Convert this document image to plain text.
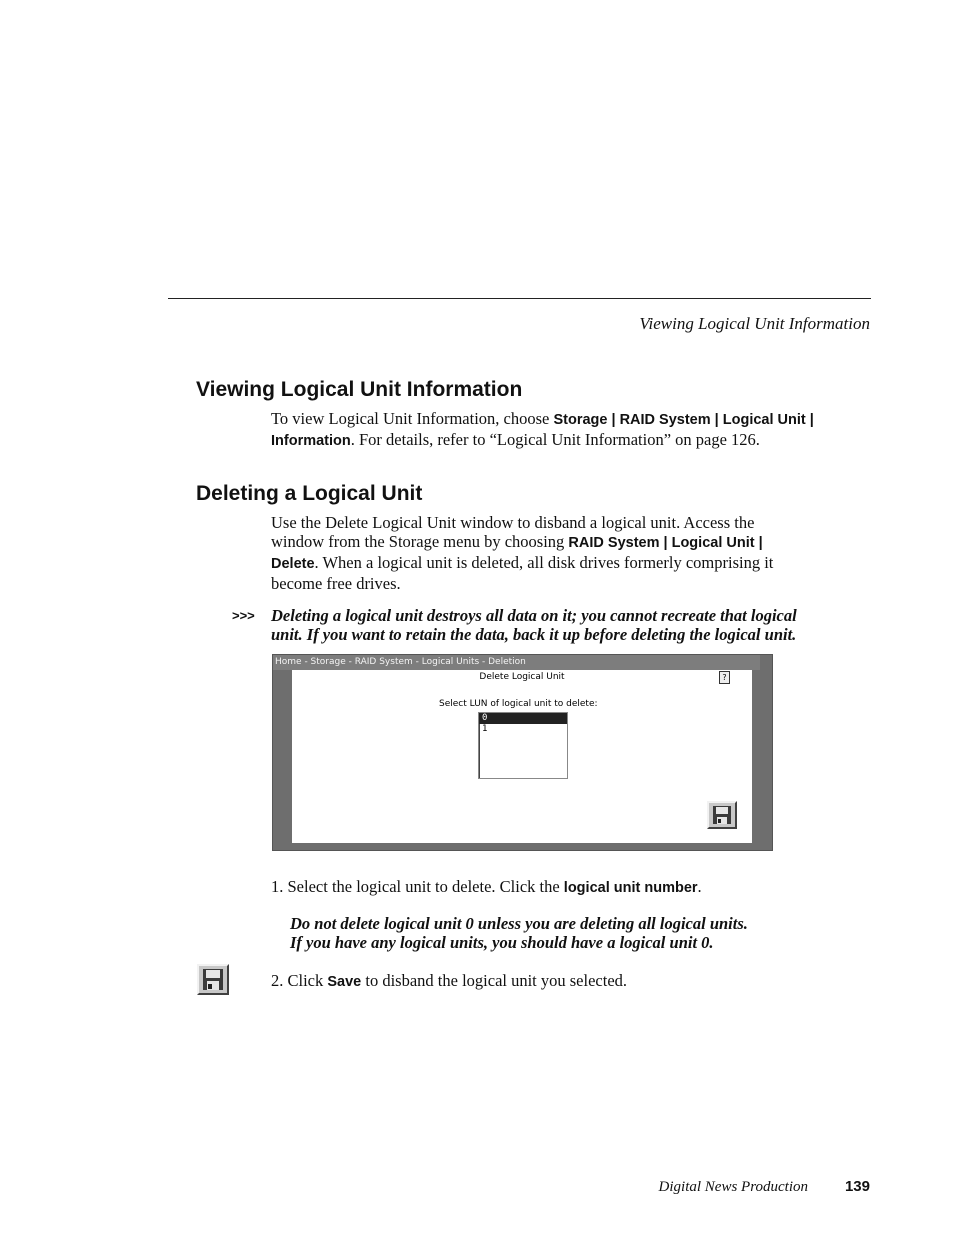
Viewing Logical Unit Information
Viewing Logical Unit Information
To view Logical Unit Information, choose Storage | RAID System | Logical Unit | Information. For details, refer to “Logical Unit Information” on page 126.
Deleting a Logical Unit
Use the Delete Logical Unit window to disband a logical unit. Access the window from the Storage menu by choosing RAID System | Logical Unit | Delete. When a logical unit is deleted, all disk drives formerly comprising it become free drives.
>>> Deleting a logical unit destroys all data on it; you cannot recreate that logical unit. If you want to retain the data, back it up before deleting the logical unit.
Home - Storage - RAID System - Logical Units - Deletion
Delete Logical Unit	?
Select LUN of logical unit to delete:
0
1
1. Select the logical unit to delete. Click the logical unit number.
Do not delete logical unit 0 unless you are deleting all logical units.
If you have any logical units, you should have a logical unit 0.
2. Click Save to disband the logical unit you selected.
Digital News Production 139
